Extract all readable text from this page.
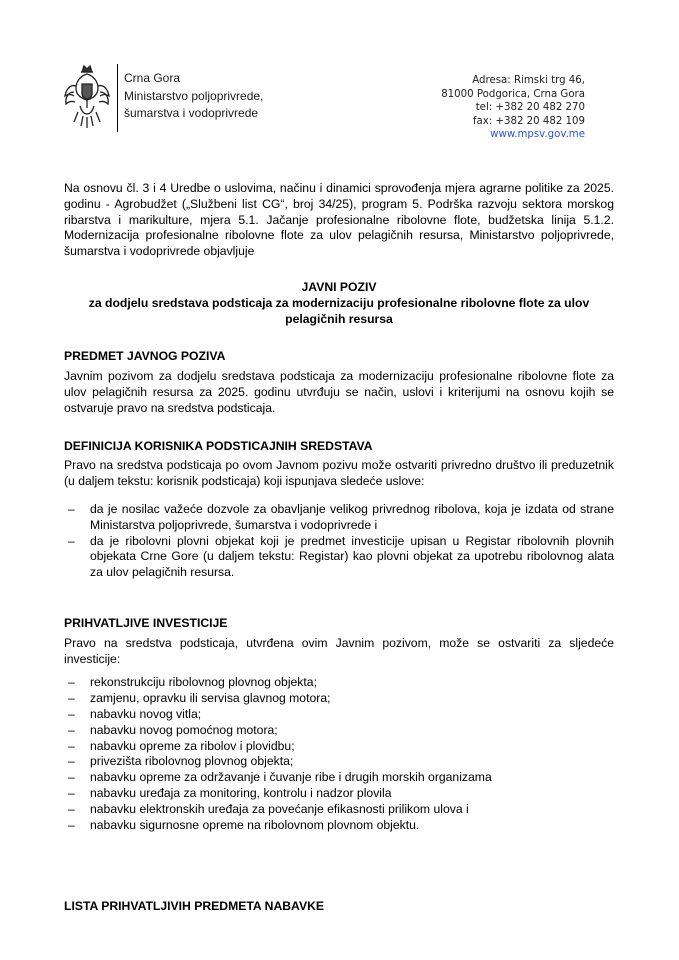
Crna Gora
Ministarstvo poljoprivrede,
šumarstva i vodoprivrede
Adresa: Rimski trg 46,
81000 Podgorica, Crna Gora
tel: +382 20 482 270
fax: +382 20 482 109
www.mpsv.gov.me

Na osnovu čl. 3 i 4 Uredbe o uslovima, načinu i dinamici sprovođenja mjera agrarne politike za 2025. godinu - Agrobudžet („Službeni list CG“, broj 34/25), program 5. Podrška razvoju sektora morskog ribarstva i marikulture, mjera 5.1. Jačanje profesionalne ribolovne flote, budžetska linija 5.1.2. Modernizacija profesionalne ribolovne flote za ulov pelagičnih resursa, Ministarstvo poljoprivrede, šumarstva i vodoprivrede objavljuje

JAVNI POZIV
za dodjelu sredstava podsticaja za modernizaciju profesionalne ribolovne flote za ulov pelagičnih resursa
PREDMET JAVNOG POZIVA

Javnim pozivom za dodjelu sredstava podsticaja za modernizaciju profesionalne ribolovne flote za ulov pelagičnih resursa za 2025. godinu utvrđuju se način, uslovi i kriterijumi na osnovu kojih se ostvaruje pravo na sredstva podsticaja.

DEFINICIJA KORISNIKA PODSTICAJNIH SREDSTAVA

Pravo na sredstva podsticaja po ovom Javnom pozivu može ostvariti privredno društvo ili preduzetnik (u daljem tekstu: korisnik podsticaja) koji ispunjava sledeće uslove:

– da je nosilac važeće dozvole za obavljanje velikog privrednog ribolova, koja je izdata od strane Ministarstva poljoprivrede, šumarstva i vodoprivrede i
– da je ribolovni plovni objekat koji je predmet investicije upisan u Registar ribolovnih plovnih objekata Crne Gore (u daljem tekstu: Registar) kao plovni objekat za upotrebu ribolovnog alata za ulov pelagičnih resursa.
PRIHVATLJIVE INVESTICIJE

Pravo na sredstva podsticaja, utvrđena ovim Javnim pozivom, može se ostvariti za sljedeće investicije:

– rekonstrukciju ribolovnog plovnog objekta;
– zamjenu, opravku ili servisa glavnog motora;
– nabavku novog vitla;
– nabavku novog pomoćnog motora;
– nabavku opreme za ribolov i plovidbu;
– privezišta ribolovnog plovnog objekta;
– nabavku opreme za održavanje i čuvanje ribe i drugih morskih organizama
– nabavku uređaja za monitoring, kontrolu i nadzor plovila
– nabavku elektronskih uređaja za povećanje efikasnosti prilikom ulova i
– nabavku sigurnosne opreme na ribolovnom plovnom objektu.
LISTA PRIHVATLJIVIH PREDMETA NABAVKE
